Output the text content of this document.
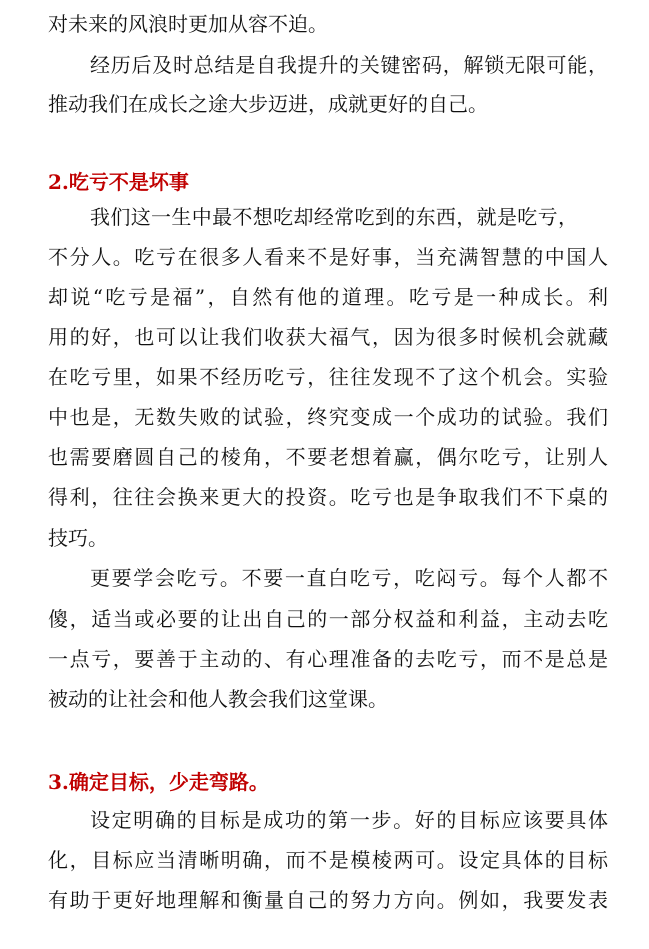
对未来的风浪时更加从容不迫。
经历后及时总结是自我提升的关键密码，解锁无限可能，
推动我们在成长之途大步迈进，成就更好的自己。
2.吃亏不是坏事
我们这一生中最不想吃却经常吃到的东西，就是吃亏，
不分人。吃亏在很多人看来不是好事，当充满智慧的中国人
却说“吃亏是福”，自然有他的道理。吃亏是一种成长。利
用的好，也可以让我们收获大福气，因为很多时候机会就藏
在吃亏里，如果不经历吃亏，往往发现不了这个机会。实验
中也是，无数失败的试验，终究变成一个成功的试验。我们
也需要磨圆自己的棱角，不要老想着赢，偶尔吃亏，让别人
得利，往往会换来更大的投资。吃亏也是争取我们不下桌的
技巧。
更要学会吃亏。不要一直白吃亏，吃闷亏。每个人都不
傻，适当或必要的让出自己的一部分权益和利益，主动去吃
一点亏，要善于主动的、有心理准备的去吃亏，而不是总是
被动的让社会和他人教会我们这堂课。
3.确定目标，少走弯路。
设定明确的目标是成功的第一步。好的目标应该要具体
化，目标应当清晰明确，而不是模棱两可。设定具体的目标
有助于更好地理解和衡量自己的努力方向。例如，我要发表
